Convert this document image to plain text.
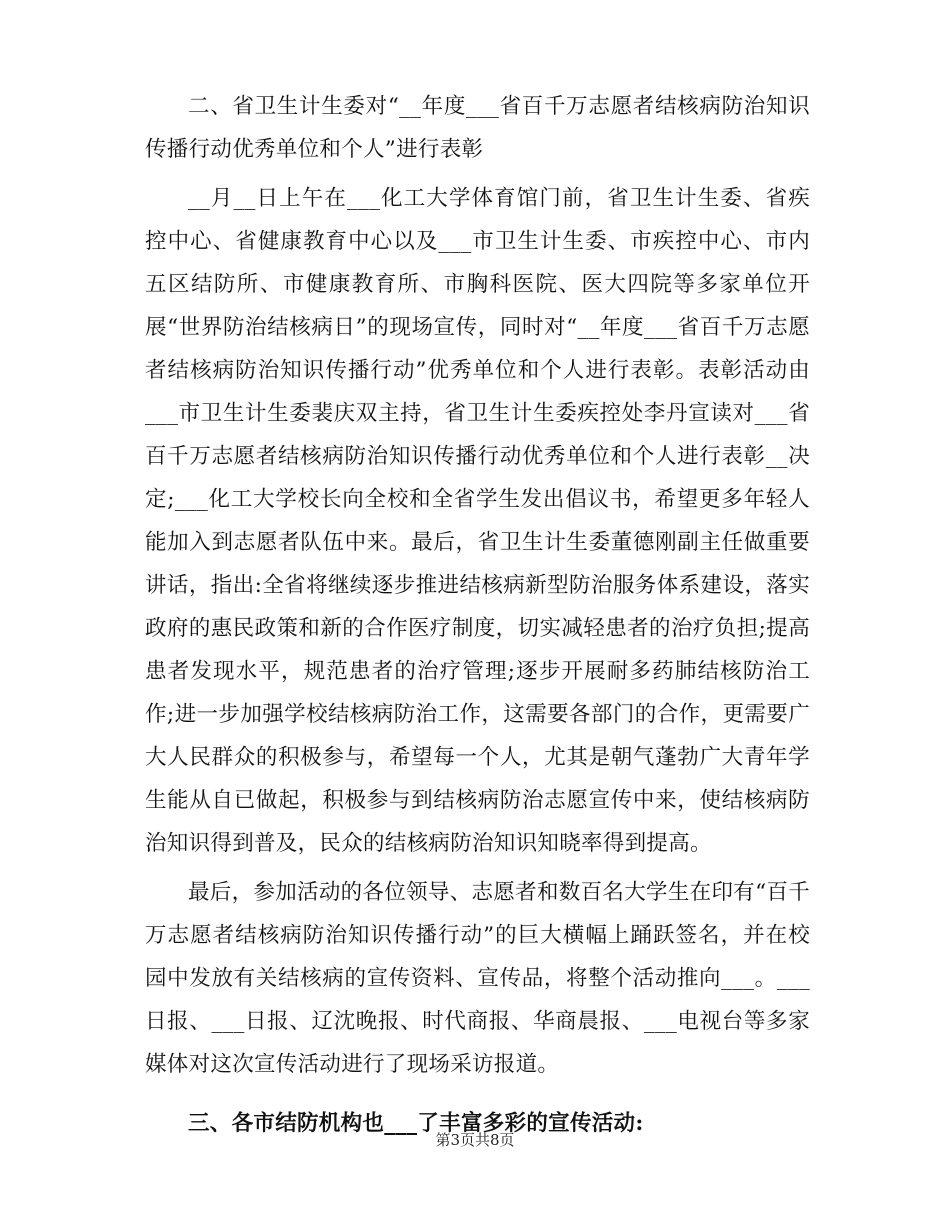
二、省卫生计生委对“__年度___省百千万志愿者结核病防治知识传播行动优秀单位和个人”进行表彰

__月__日上午在___化工大学体育馆门前，省卫生计生委、省疾控中心、省健康教育中心以及___市卫生计生委、市疾控中心、市内五区结防所、市健康教育所、市胸科医院、医大四院等多家单位开展“世界防治结核病日”的现场宣传，同时对“__年度___省百千万志愿者结核病防治知识传播行动”优秀单位和个人进行表彰。表彰活动由___市卫生计生委裴庆双主持，省卫生计生委疾控处李丹宣读对___省百千万志愿者结核病防治知识传播行动优秀单位和个人进行表彰__决定;___化工大学校长向全校和全省学生发出倡议书，希望更多年轻人能加入到志愿者队伍中来。最后，省卫生计生委董德刚副主任做重要讲话，指出:全省将继续逐步推进结核病新型防治服务体系建设，落实政府的惠民政策和新的合作医疗制度，切实减轻患者的治疗负担;提高患者发现水平，规范患者的治疗管理;逐步开展耐多药肺结核防治工作;进一步加强学校结核病防治工作，这需要各部门的合作，更需要广大人民群众的积极参与，希望每一个人，尤其是朝气蓬勃广大青年学生能从自已做起，积极参与到结核病防治志愿宣传中来，使结核病防治知识得到普及，民众的结核病防治知识知晓率得到提高。

最后，参加活动的各位领导、志愿者和数百名大学生在印有“百千万志愿者结核病防治知识传播行动”的巨大横幅上踊跃签名，并在校园中发放有关结核病的宣传资料、宣传品，将整个活动推向___。___日报、___日报、辽沈晚报、时代商报、华商晨报、___电视台等多家媒体对这次宣传活动进行了现场采访报道。

三、各市结防机构也___了丰富多彩的宣传活动:

第3页共8页
